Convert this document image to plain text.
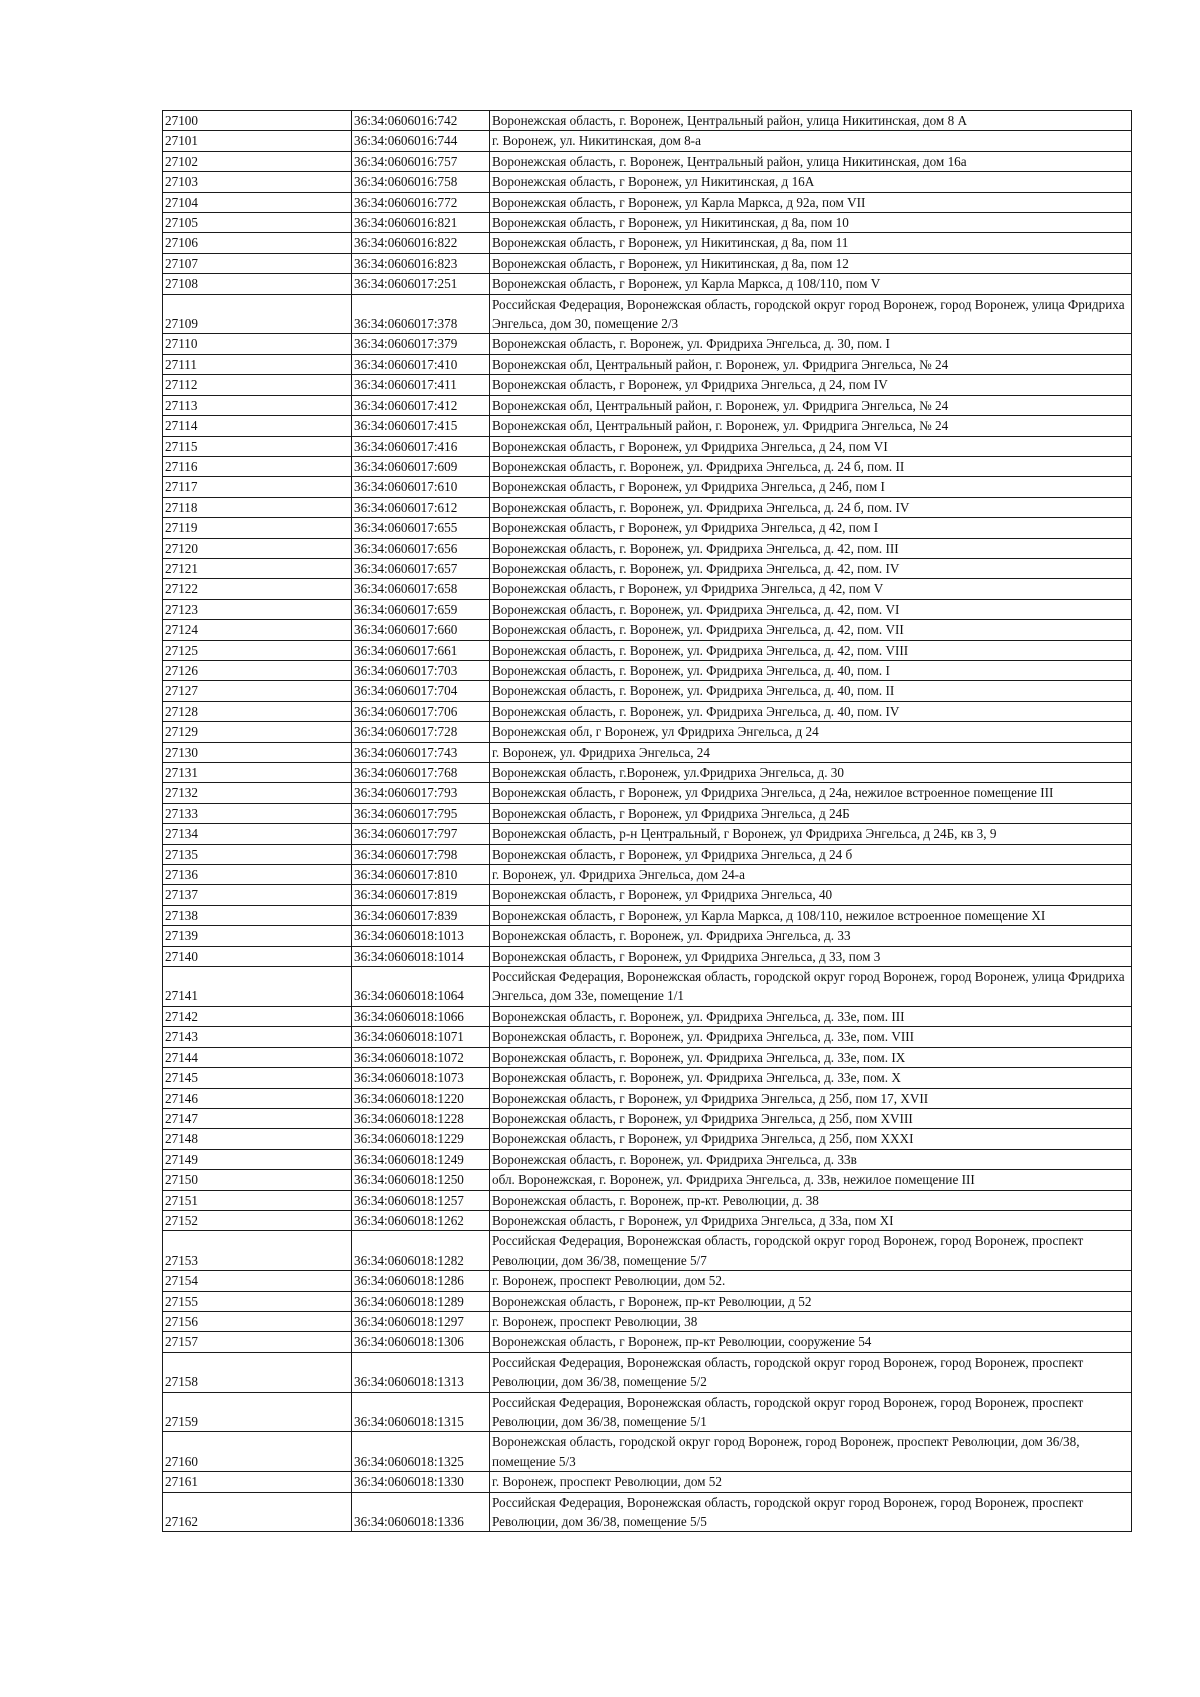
27100	36:34:0606016:742	Воронежская область, г. Воронеж, Центральный район, улица Никитинская, дом 8 А
27101	36:34:0606016:744	г. Воронеж, ул. Никитинская, дом 8-а
27102	36:34:0606016:757	Воронежская область, г. Воронеж, Центральный район, улица Никитинская, дом 16а
27103	36:34:0606016:758	Воронежская область, г Воронеж, ул Никитинская, д 16А
27104	36:34:0606016:772	Воронежская область, г Воронеж, ул Карла Маркса, д 92а, пом VII
27105	36:34:0606016:821	Воронежская область, г Воронеж, ул Никитинская, д 8а, пом 10
27106	36:34:0606016:822	Воронежская область, г Воронеж, ул Никитинская, д 8а, пом 11
27107	36:34:0606016:823	Воронежская область, г Воронеж, ул Никитинская, д 8а, пом 12
27108	36:34:0606017:251	Воронежская область, г Воронеж, ул Карла Маркса, д 108/110, пом V
27109	36:34:0606017:378	Российская Федерация, Воронежская область, городской округ город Воронеж, город Воронеж, улица Фридриха Энгельса, дом 30, помещение 2/3
27110	36:34:0606017:379	Воронежская область, г. Воронеж, ул. Фридриха Энгельса, д. 30, пом. I
27111	36:34:0606017:410	Воронежская обл, Центральный район, г. Воронеж, ул. Фридрига Энгельса, № 24
27112	36:34:0606017:411	Воронежская область, г Воронеж, ул Фридриха Энгельса, д 24, пом IV
27113	36:34:0606017:412	Воронежская обл, Центральный район, г. Воронеж, ул. Фридрига Энгельса, № 24
27114	36:34:0606017:415	Воронежская обл, Центральный район, г. Воронеж, ул. Фридрига Энгельса, № 24
27115	36:34:0606017:416	Воронежская область, г Воронеж, ул Фридриха Энгельса, д 24, пом VI
27116	36:34:0606017:609	Воронежская область, г. Воронеж, ул. Фридриха Энгельса, д. 24 б, пом. II
27117	36:34:0606017:610	Воронежская область, г Воронеж, ул Фридриха Энгельса, д 24б, пом I
27118	36:34:0606017:612	Воронежская область, г. Воронеж, ул. Фридриха Энгельса, д. 24 б, пом. IV
27119	36:34:0606017:655	Воронежская область, г Воронеж, ул Фридриха Энгельса, д 42, пом I
27120	36:34:0606017:656	Воронежская область, г. Воронеж, ул. Фридриха Энгельса, д. 42, пом. III
27121	36:34:0606017:657	Воронежская область, г. Воронеж, ул. Фридриха Энгельса, д. 42, пом. IV
27122	36:34:0606017:658	Воронежская область, г Воронеж, ул Фридриха Энгельса, д 42, пом V
27123	36:34:0606017:659	Воронежская область, г. Воронеж, ул. Фридриха Энгельса, д. 42, пом. VI
27124	36:34:0606017:660	Воронежская область, г. Воронеж, ул. Фридриха Энгельса, д. 42, пом. VII
27125	36:34:0606017:661	Воронежская область, г. Воронеж, ул. Фридриха Энгельса, д. 42, пом. VIII
27126	36:34:0606017:703	Воронежская область, г. Воронеж, ул. Фридриха Энгельса, д. 40, пом. I
27127	36:34:0606017:704	Воронежская область, г. Воронеж, ул. Фридриха Энгельса, д. 40, пом. II
27128	36:34:0606017:706	Воронежская область, г. Воронеж, ул. Фридриха Энгельса, д. 40, пом. IV
27129	36:34:0606017:728	Воронежская обл, г Воронеж, ул Фридриха Энгельса, д 24
27130	36:34:0606017:743	г. Воронеж, ул. Фридриха Энгельса, 24
27131	36:34:0606017:768	Воронежская область, г.Воронеж, ул.Фридриха Энгельса, д. 30
27132	36:34:0606017:793	Воронежская область, г Воронеж, ул Фридриха Энгельса, д 24а, нежилое встроенное помещение III
27133	36:34:0606017:795	Воронежская область, г Воронеж, ул Фридриха Энгельса, д 24Б
27134	36:34:0606017:797	Воронежская область, р-н Центральный, г Воронеж, ул Фридриха Энгельса, д 24Б, кв 3, 9
27135	36:34:0606017:798	Воронежская область, г Воронеж, ул Фридриха Энгельса, д 24 б
27136	36:34:0606017:810	г. Воронеж, ул. Фридриха Энгельса, дом 24-а
27137	36:34:0606017:819	Воронежская область, г Воронеж, ул Фридриха Энгельса, 40
27138	36:34:0606017:839	Воронежская область, г Воронеж, ул Карла Маркса, д 108/110, нежилое встроенное помещение XI
27139	36:34:0606018:1013	Воронежская область, г. Воронеж, ул. Фридриха Энгельса, д. 33
27140	36:34:0606018:1014	Воронежская область, г Воронеж, ул Фридриха Энгельса, д 33, пом 3
27141	36:34:0606018:1064	Российская Федерация, Воронежская область, городской округ город Воронеж, город Воронеж, улица Фридриха Энгельса, дом 33е, помещение 1/1
27142	36:34:0606018:1066	Воронежская область, г. Воронеж, ул. Фридриха Энгельса, д. 33е, пом. III
27143	36:34:0606018:1071	Воронежская область, г. Воронеж, ул. Фридриха Энгельса, д. 33е, пом. VIII
27144	36:34:0606018:1072	Воронежская область, г. Воронеж, ул. Фридриха Энгельса, д. 33е, пом. IX
27145	36:34:0606018:1073	Воронежская область, г. Воронеж, ул. Фридриха Энгельса, д. 33е, пом. X
27146	36:34:0606018:1220	Воронежская область, г Воронеж, ул Фридриха Энгельса, д 25б, пом 17, XVII
27147	36:34:0606018:1228	Воронежская область, г Воронеж, ул Фридриха Энгельса, д 25б, пом XVIII
27148	36:34:0606018:1229	Воронежская область, г Воронеж, ул Фридриха Энгельса, д 25б, пом XXXI
27149	36:34:0606018:1249	Воронежская область, г. Воронеж, ул. Фридриха Энгельса, д. 33в
27150	36:34:0606018:1250	обл. Воронежская, г. Воронеж, ул. Фридриха Энгельса, д. 33в, нежилое помещение III
27151	36:34:0606018:1257	Воронежская область, г. Воронеж, пр-кт. Революции, д. 38
27152	36:34:0606018:1262	Воронежская область, г Воронеж, ул Фридриха Энгельса, д 33а, пом XI
27153	36:34:0606018:1282	Российская Федерация, Воронежская область, городской округ город Воронеж, город Воронеж, проспект Революции, дом 36/38, помещение 5/7
27154	36:34:0606018:1286	г. Воронеж, проспект Революции, дом 52.
27155	36:34:0606018:1289	Воронежская область, г Воронеж, пр-кт Революции, д 52
27156	36:34:0606018:1297	г. Воронеж, проспект Революции, 38
27157	36:34:0606018:1306	Воронежская область, г Воронеж, пр-кт Революции, сооружение 54
27158	36:34:0606018:1313	Российская Федерация, Воронежская область, городской округ город Воронеж, город Воронеж, проспект Революции, дом 36/38, помещение 5/2
27159	36:34:0606018:1315	Российская Федерация, Воронежская область, городской округ город Воронеж, город Воронеж, проспект Революции, дом 36/38, помещение 5/1
27160	36:34:0606018:1325	Воронежская область, городской округ город Воронеж, город Воронеж, проспект Революции, дом 36/38, помещение 5/3
27161	36:34:0606018:1330	г. Воронеж, проспект Революции, дом 52
27162	36:34:0606018:1336	Российская Федерация, Воронежская область, городской округ город Воронеж, город Воронеж, проспект Революции, дом 36/38, помещение 5/5
